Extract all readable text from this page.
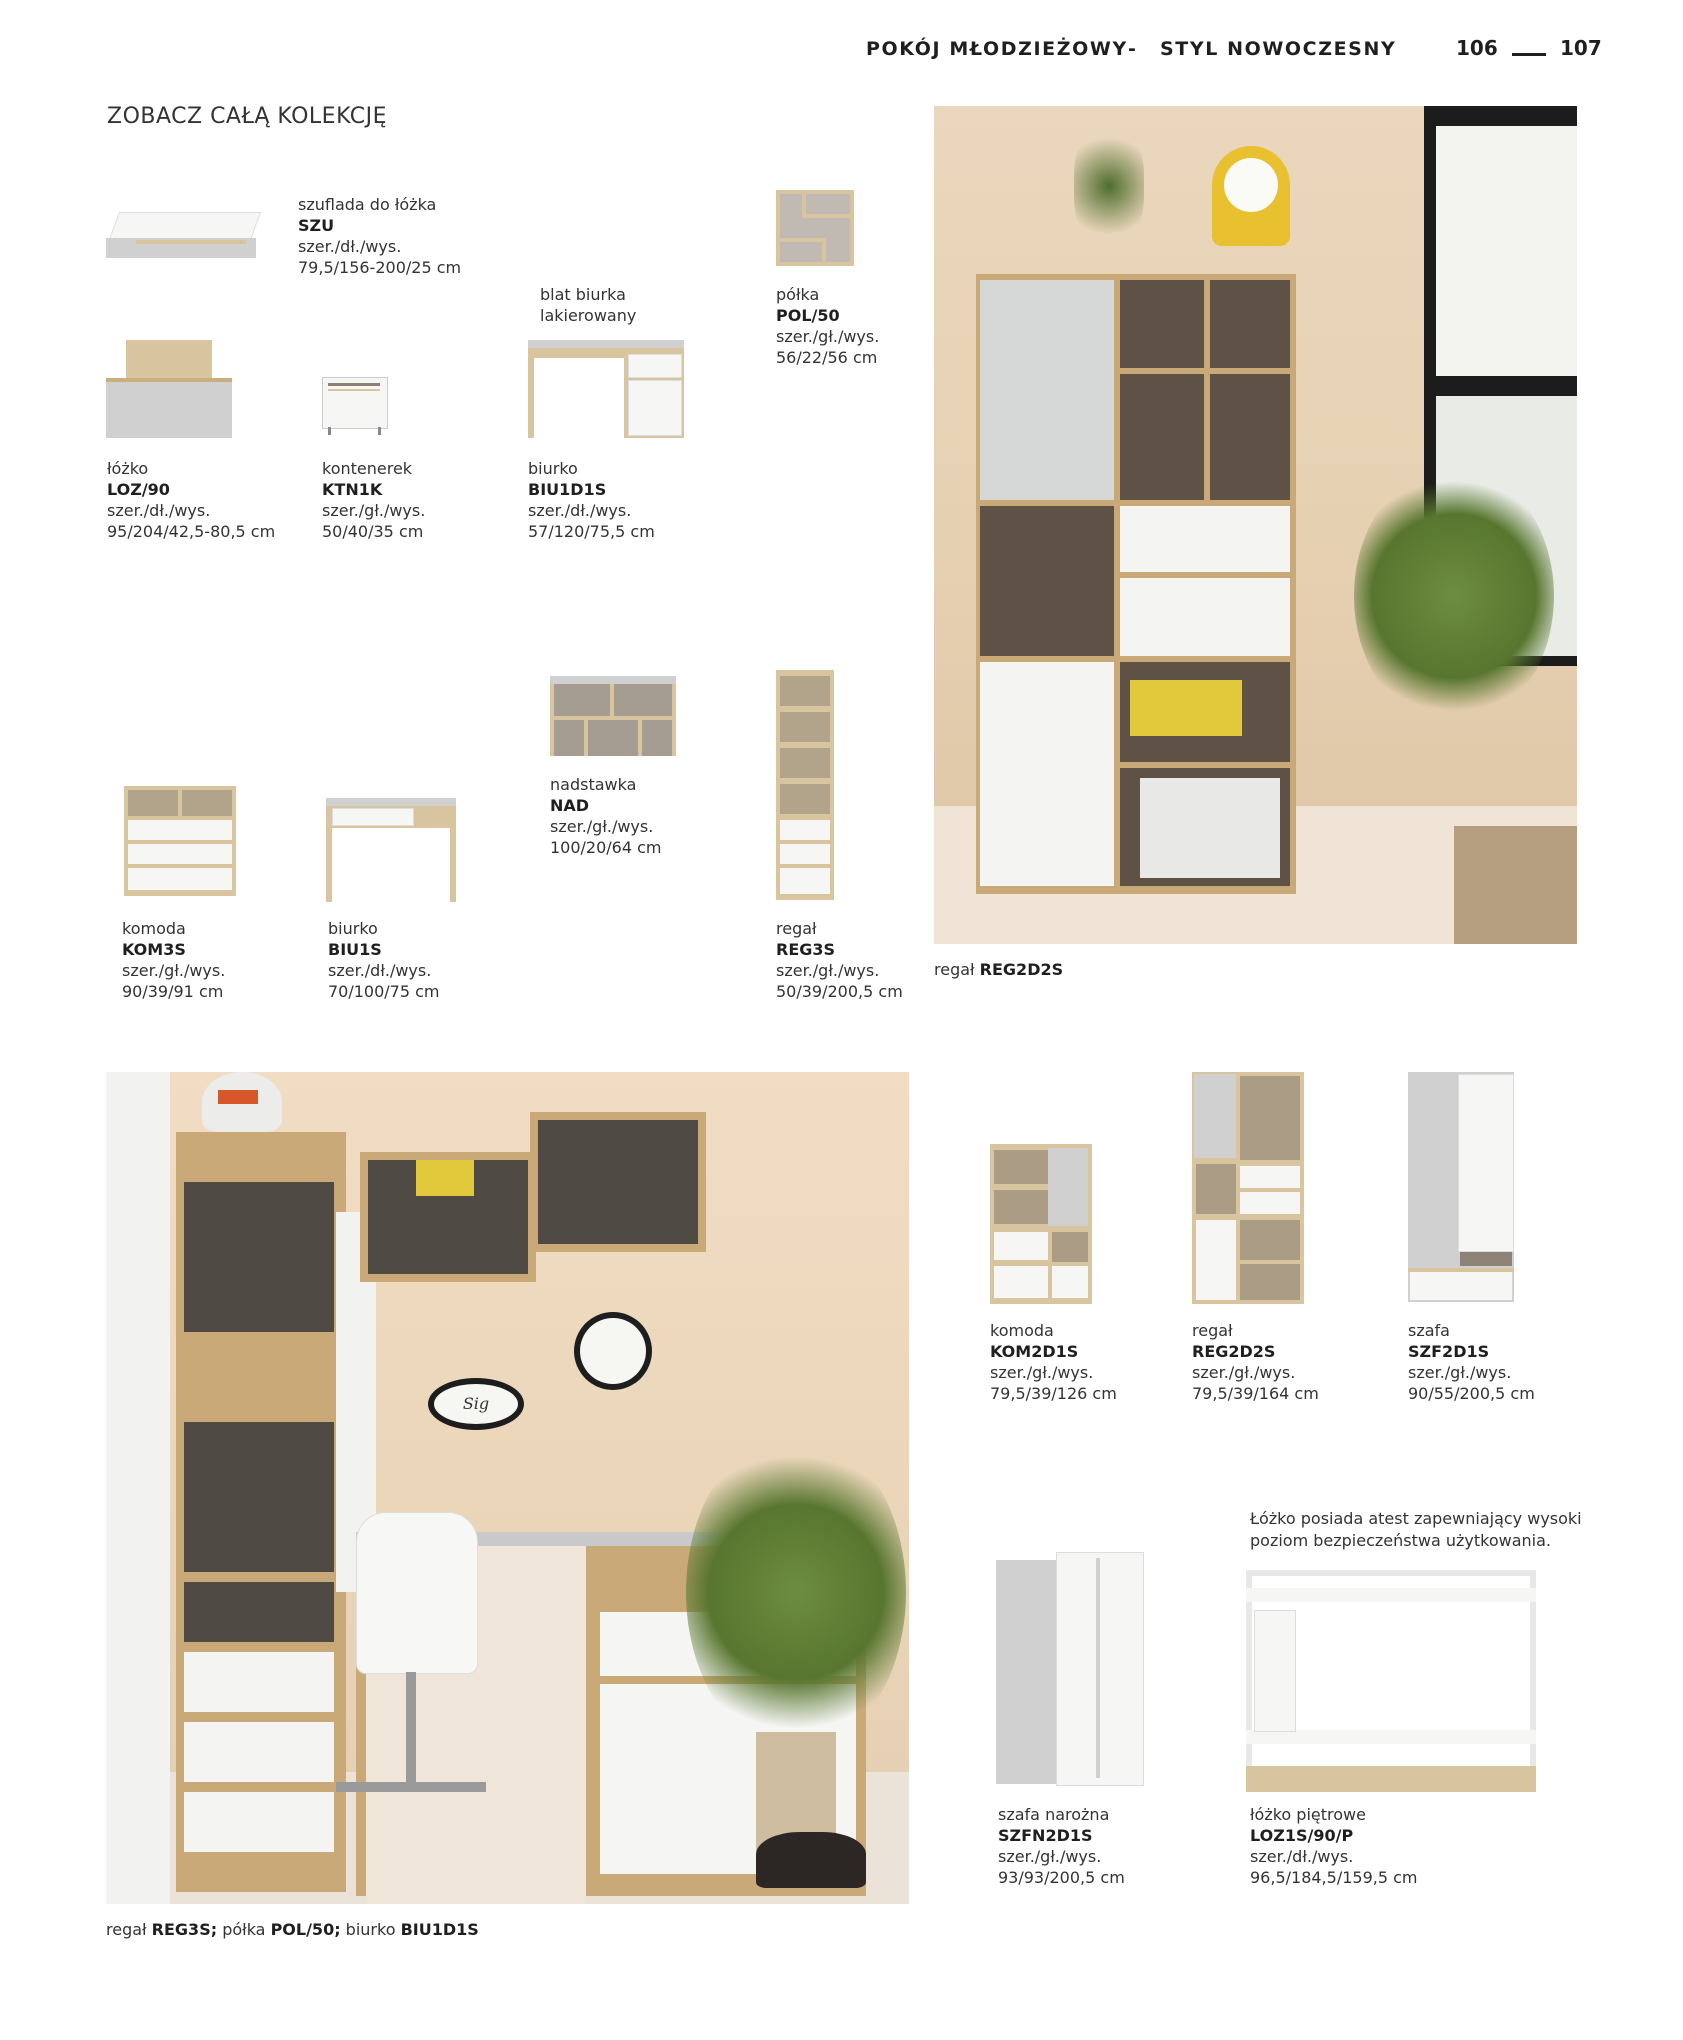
POKÓJ MŁODZIEŻOWY - STYL NOWOCZESNY	106	107
ZOBACZ CAŁĄ KOLEKCJĘ
szuflada do łóżka
SZU
szer./dł./wys.
79,5/156-200/25 cm
blat biurka
lakierowany
półka
POL/50
szer./gł./wys.
56/22/56 cm
łóżko
LOZ/90
szer./dł./wys.
95/204/42,5-80,5 cm
kontenerek
KTN1K
szer./gł./wys.
50/40/35 cm
biurko
BIU1D1S
szer./dł./wys.
57/120/75,5 cm
nadstawka
NAD
szer./gł./wys.
100/20/64 cm
komoda
KOM3S
szer./gł./wys.
90/39/91 cm
biurko
BIU1S
szer./dł./wys.
70/100/75 cm
regał
REG3S
szer./gł./wys.
50/39/200,5 cm
regał REG2D2S
Sig
regał REG3S; półka POL/50; biurko BIU1D1S
komoda
KOM2D1S
szer./gł./wys.
79,5/39/126 cm
regał
REG2D2S
szer./gł./wys.
79,5/39/164 cm
szafa
SZF2D1S
szer./gł./wys.
90/55/200,5 cm
Łóżko posiada atest zapewniający wysoki
poziom bezpieczeństwa użytkowania.
szafa narożna
SZFN2D1S
szer./gł./wys.
93/93/200,5 cm
łóżko piętrowe
LOZ1S/90/P
szer./dł./wys.
96,5/184,5/159,5 cm
